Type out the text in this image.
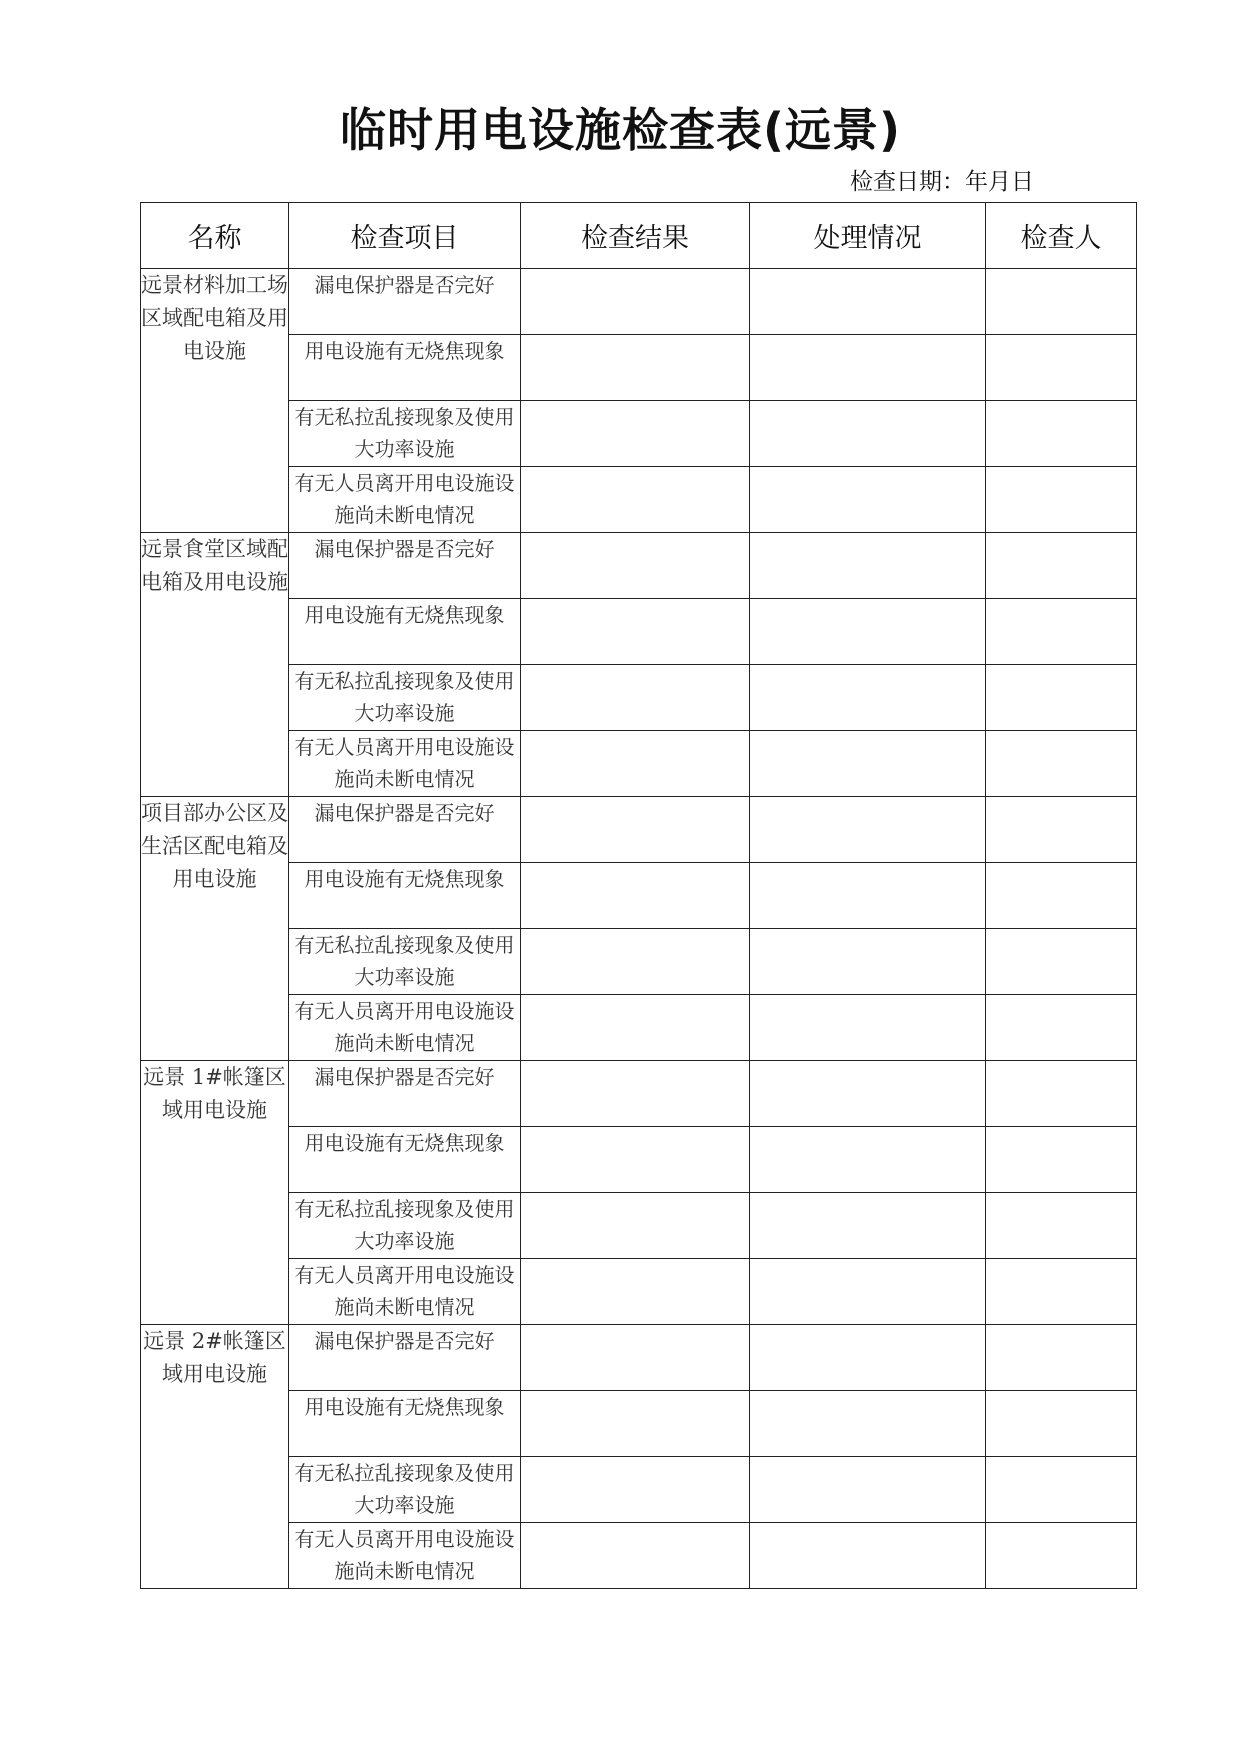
临时用电设施检查表(远景)
检查日期：年月日
名称	检查项目	检查结果	处理情况	检查人
远景材料加工场区域配电箱及用电设施	漏电保护器是否完好			
	用电设施有无烧焦现象			
	有无私拉乱接现象及使用大功率设施			
	有无人员离开用电设施设施尚未断电情况			
远景食堂区域配电箱及用电设施	漏电保护器是否完好			
	用电设施有无烧焦现象			
	有无私拉乱接现象及使用大功率设施			
	有无人员离开用电设施设施尚未断电情况			
项目部办公区及生活区配电箱及用电设施	漏电保护器是否完好			
	用电设施有无烧焦现象			
	有无私拉乱接现象及使用大功率设施			
	有无人员离开用电设施设施尚未断电情况			
远景 1#帐篷区域用电设施	漏电保护器是否完好			
	用电设施有无烧焦现象			
	有无私拉乱接现象及使用大功率设施			
	有无人员离开用电设施设施尚未断电情况			
远景 2#帐篷区域用电设施	漏电保护器是否完好			
	用电设施有无烧焦现象			
	有无私拉乱接现象及使用大功率设施			
	有无人员离开用电设施设施尚未断电情况			
